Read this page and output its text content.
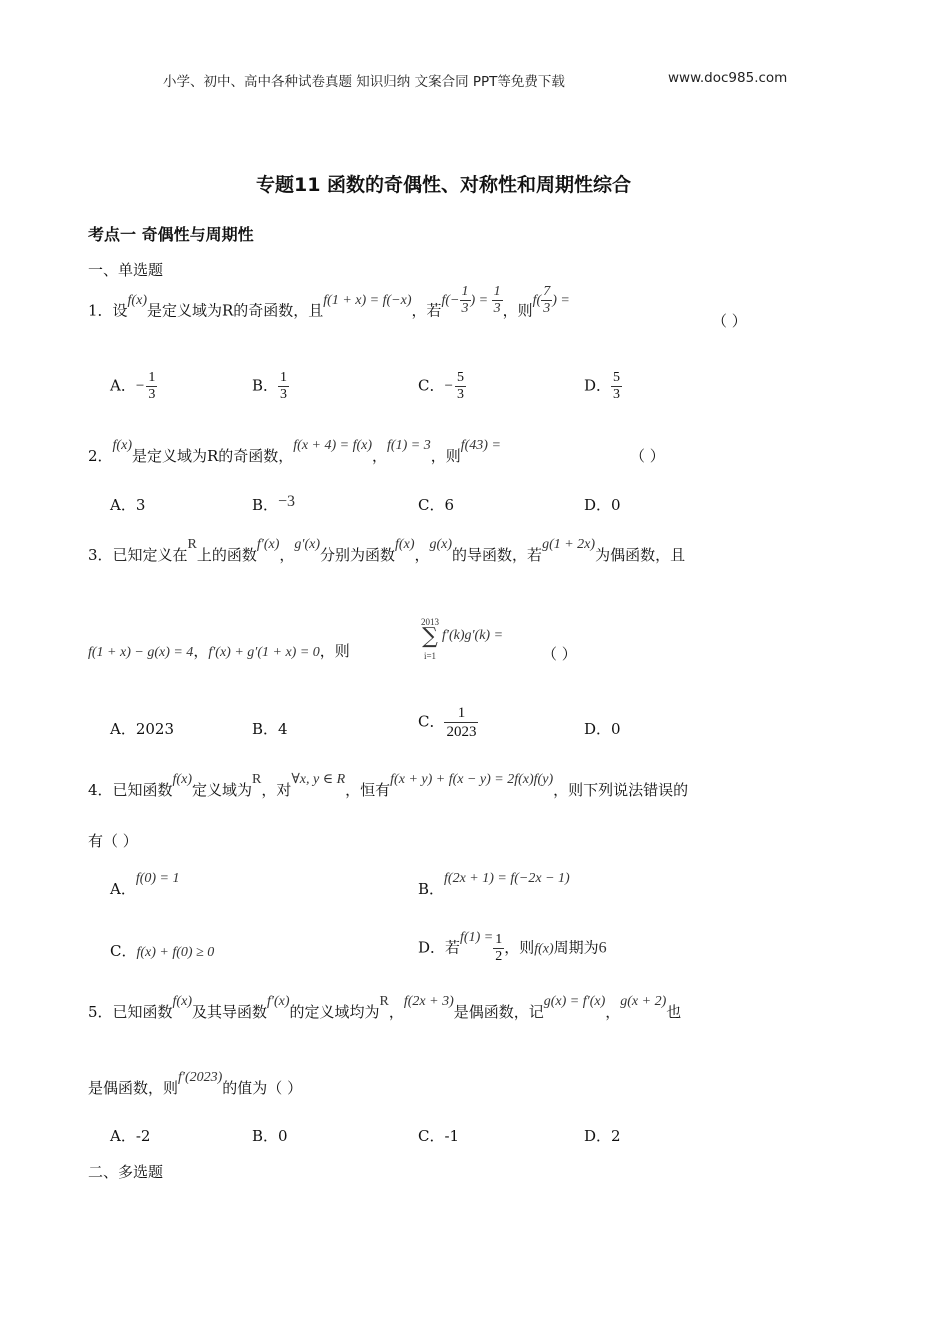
小学、初中、高中各种试卷真题 知识归纳 文案合同 PPT等免费下载	www.doc985.com
专题11 函数的奇偶性、对称性和周期性综合
考点一 奇偶性与周期性
一、单选题
1．设f(x)是定义域为R的奇函数，且f(1 + x) = f(−x)，若$f(- \frac{1}{3}$ ) = $\frac{1}{3}$ ，则$f( \frac{7}{3}$ ) =
（ ）
A．− $\frac{1}{3}$	B． $\frac{1}{3}$	C．− $\frac{5}{3}$	D． $\frac{5}{3}$
2．f(x)是定义域为R的奇函数，f(x + 4) = f(x)，f(1) = 3，则f(43) =
（ ）
A．3	B．−3	C．6	D．0
3．已知定义在R上的函数f′(x)，g′(x)分别为函数f(x)，g(x)的导函数，若g(1 + 2x)为偶函数，且
f(1 + x) − g(x) = 4，f′(x) + g′(1 + x) = 0，则
2013
∑
i=1
f′(k)g′(k) =
（ ）
A．2023	B．4	C． $\frac{1}{2023}$	D．0
4．已知函数f(x)定义域为R，对∀x, y ∈ R，恒有f(x + y) + f(x − y) = 2f(x)f(y)，则下列说法错误的
有（ ）
A．f(0) = 1
B．f(2x + 1) = f(−2x − 1)
C．f(x) + f(0) ≥ 0	D．若$f(1) = \frac{1}{2}$ ，则f(x)周期为6
5．已知函数f(x)及其导函数f′(x)的定义域均为R，f(2x + 3)是偶函数，记g(x) = f′(x)，g(x + 2)也
是偶函数，则f′(2023)的值为（ ）
A．-2	B．0	C．-1	D．2
二、多选题
